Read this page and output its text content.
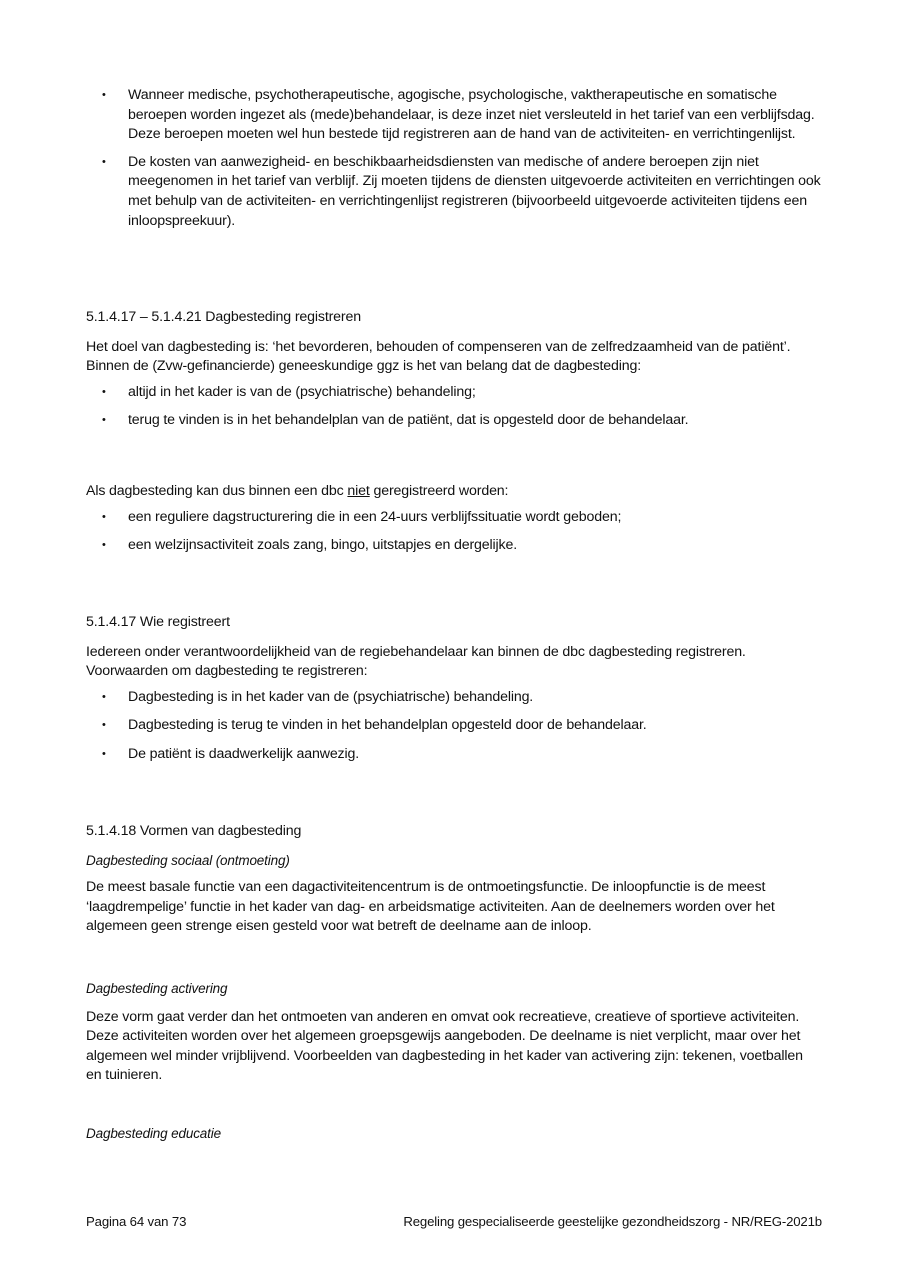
• Wanneer medische, psychotherapeutische, agogische, psychologische, vaktherapeutische en somatische beroepen worden ingezet als (mede)behandelaar, is deze inzet niet versleuteld in het tarief van een verblijfsdag. Deze beroepen moeten wel hun bestede tijd registreren aan de hand van de activiteiten- en verrichtingenlijst.
• De kosten van aanwezigheid- en beschikbaarheidsdiensten van medische of andere beroepen zijn niet meegenomen in het tarief van verblijf. Zij moeten tijdens de diensten uitgevoerde activiteiten en verrichtingen ook met behulp van de activiteiten- en verrichtingenlijst registreren (bijvoorbeeld uitgevoerde activiteiten tijdens een inloopspreekuur).
5.1.4.17 – 5.1.4.21 Dagbesteding registreren

Het doel van dagbesteding is: ‘het bevorderen, behouden of compenseren van de zelfredzaamheid van de patiënt’. Binnen de (Zvw-gefinancierde) geneeskundige ggz is het van belang dat de dagbesteding:

• altijd in het kader is van de (psychiatrische) behandeling;
• terug te vinden is in het behandelplan van de patiënt, dat is opgesteld door de behandelaar.

Als dagbesteding kan dus binnen een dbc niet geregistreerd worden:

• een reguliere dagstructurering die in een 24-uurs verblijfssituatie wordt geboden;
• een welzijnsactiviteit zoals zang, bingo, uitstapjes en dergelijke.
5.1.4.17 Wie registreert

Iedereen onder verantwoordelijkheid van de regiebehandelaar kan binnen de dbc dagbesteding registreren. Voorwaarden om dagbesteding te registreren:

• Dagbesteding is in het kader van de (psychiatrische) behandeling.
• Dagbesteding is terug te vinden in het behandelplan opgesteld door de behandelaar.
• De patiënt is daadwerkelijk aanwezig.
5.1.4.18 Vormen van dagbesteding

Dagbesteding sociaal (ontmoeting)

De meest basale functie van een dagactiviteitencentrum is de ontmoetingsfunctie. De inloopfunctie is de meest ‘laagdrempelige’ functie in het kader van dag- en arbeidsmatige activiteiten. Aan de deelnemers worden over het algemeen geen strenge eisen gesteld voor wat betreft de deelname aan de inloop.

Dagbesteding activering

Deze vorm gaat verder dan het ontmoeten van anderen en omvat ook recreatieve, creatieve of sportieve activiteiten. Deze activiteiten worden over het algemeen groepsgewijs aangeboden. De deelname is niet verplicht, maar over het algemeen wel minder vrijblijvend. Voorbeelden van dagbesteding in het kader van activering zijn: tekenen, voetballen en tuinieren.

Dagbesteding educatie

Pagina 64 van 73	Regeling gespecialiseerde geestelijke gezondheidszorg - NR/REG-2021b
